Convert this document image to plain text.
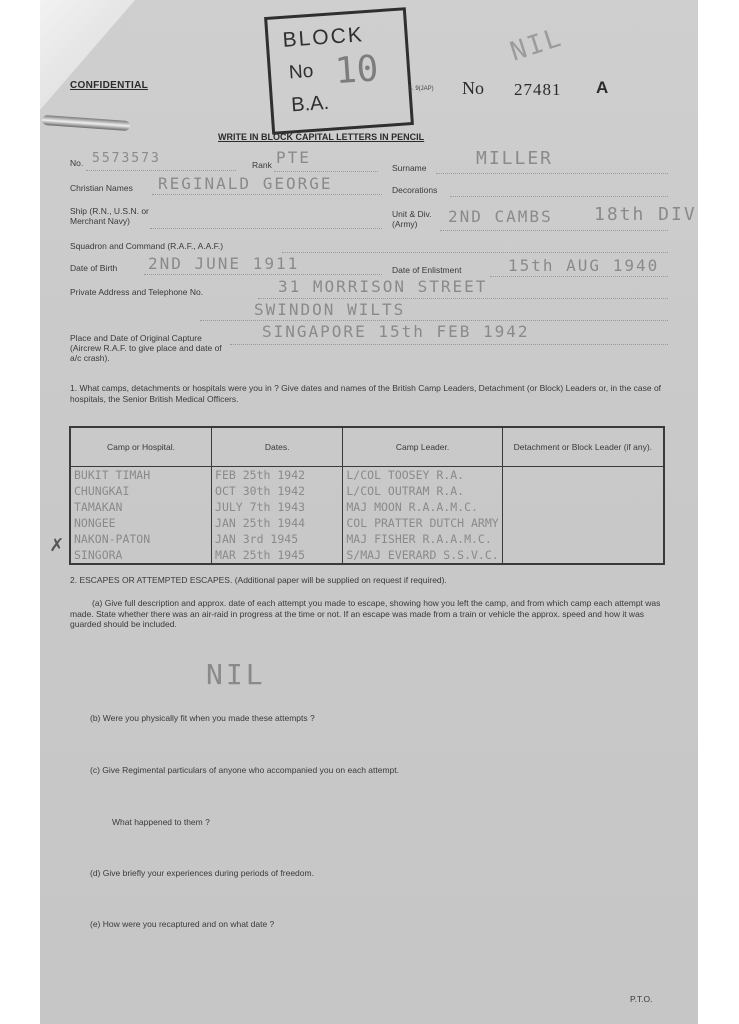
CONFIDENTIAL
BLOCK
No
B.A.
10	S. 9(JAP) No 27481 A
NIL
WRITE IN BLOCK CAPITAL LETTERS IN PENCIL
No. 5573573	Rank PTE
Surname	MILLER
Christian Names REGINALD GEORGE	Decorations
Ship (R.N., U.S.N. or Merchant Navy)
Unit & Div. (Army)	2ND CAMBS 18th DIV
Squadron and Command (R.A.F., A.A.F.)
Date of Birth 2ND JUNE 1911	Date of Enlistment	15th AUG 1940
Private Address and Telephone No.	31 MORRISON STREET
SWINDON WILTS
Place and Date of Original Capture (Aircrew R.A.F. to give place and date of a/c crash).
SINGAPORE 15th FEB 1942
1. What camps, detachments or hospitals were you in ? Give dates and names of the British Camp Leaders, Detachment (or Block) Leaders or, in the case of hospitals, the Senior British Medical Officers.
Camp or Hospital.	Dates.	Camp Leader.	Detachment or Block Leader (if any).
BUKIT TIMAH	FEB 25th 1942	L/COL TOOSEY R.A.	
CHUNGKAI	OCT 30th 1942	L/COL OUTRAM R.A.	
TAMAKAN	JULY 7th 1943	MAJ MOON R.A.A.M.C.	
NONGEE	JAN 25th 1944	COL PRATTER DUTCH ARMY	
NAKON-PATON	JAN 3rd 1945	MAJ FISHER R.A.A.M.C.	
SINGORA	MAR 25th 1945	S/MAJ EVERARD S.S.V.C.	
✗
2. ESCAPES OR ATTEMPTED ESCAPES. (Additional paper will be supplied on request if required).
(a) Give full description and approx. date of each attempt you made to escape, showing how you left the camp, and from which camp each attempt was made. State whether there was an air-raid in progress at the time or not. If an escape was made from a train or vehicle the approx. speed and how it was guarded should be included.
NIL
(b) Were you physically fit when you made these attempts ?
(c) Give Regimental particulars of anyone who accompanied you on each attempt.
What happened to them ?
(d) Give briefly your experiences during periods of freedom.
(e) How were you recaptured and on what date ?
P.T.O.
